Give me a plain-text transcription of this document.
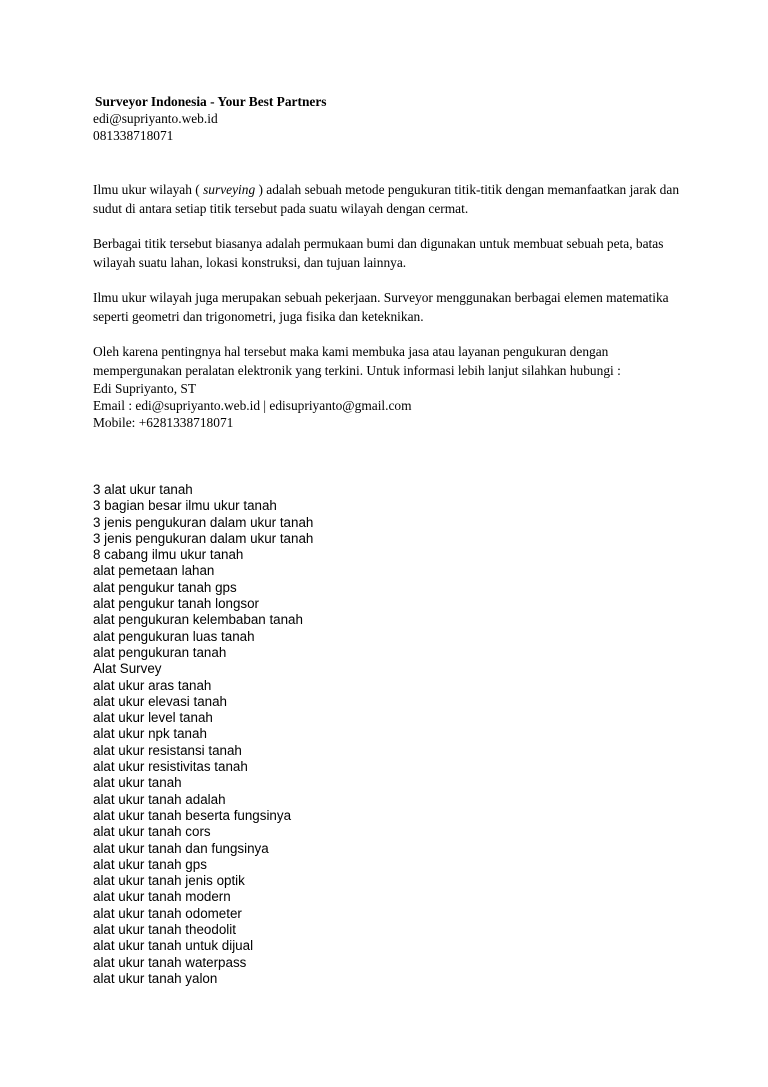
Surveyor Indonesia - Your Best Partners
edi@supriyanto.web.id
081338718071

Ilmu ukur wilayah ( surveying ) adalah sebuah metode pengukuran titik-titik dengan memanfaatkan jarak dan sudut di antara setiap titik tersebut pada suatu wilayah dengan cermat.

Berbagai titik tersebut biasanya adalah permukaan bumi dan digunakan untuk membuat sebuah peta, batas wilayah suatu lahan, lokasi konstruksi, dan tujuan lainnya.

Ilmu ukur wilayah juga merupakan sebuah pekerjaan. Surveyor menggunakan berbagai elemen matematika seperti geometri dan trigonometri, juga fisika dan keteknikan.

Oleh karena pentingnya hal tersebut maka kami membuka jasa atau layanan pengukuran dengan mempergunakan peralatan elektronik yang terkini. Untuk informasi lebih lanjut silahkan hubungi :

Edi Supriyanto, ST
Email : edi@supriyanto.web.id | edisupriyanto@gmail.com
Mobile: +6281338718071
3 alat ukur tanah
3 bagian besar ilmu ukur tanah
3 jenis pengukuran dalam ukur tanah
3 jenis pengukuran dalam ukur tanah
8 cabang ilmu ukur tanah
alat pemetaan lahan
alat pengukur tanah gps
alat pengukur tanah longsor
alat pengukuran kelembaban tanah
alat pengukuran luas tanah
alat pengukuran tanah
Alat Survey
alat ukur aras tanah
alat ukur elevasi tanah
alat ukur level tanah
alat ukur npk tanah
alat ukur resistansi tanah
alat ukur resistivitas tanah
alat ukur tanah
alat ukur tanah adalah
alat ukur tanah beserta fungsinya
alat ukur tanah cors
alat ukur tanah dan fungsinya
alat ukur tanah gps
alat ukur tanah jenis optik
alat ukur tanah modern
alat ukur tanah odometer
alat ukur tanah theodolit
alat ukur tanah untuk dijual
alat ukur tanah waterpass
alat ukur tanah yalon
